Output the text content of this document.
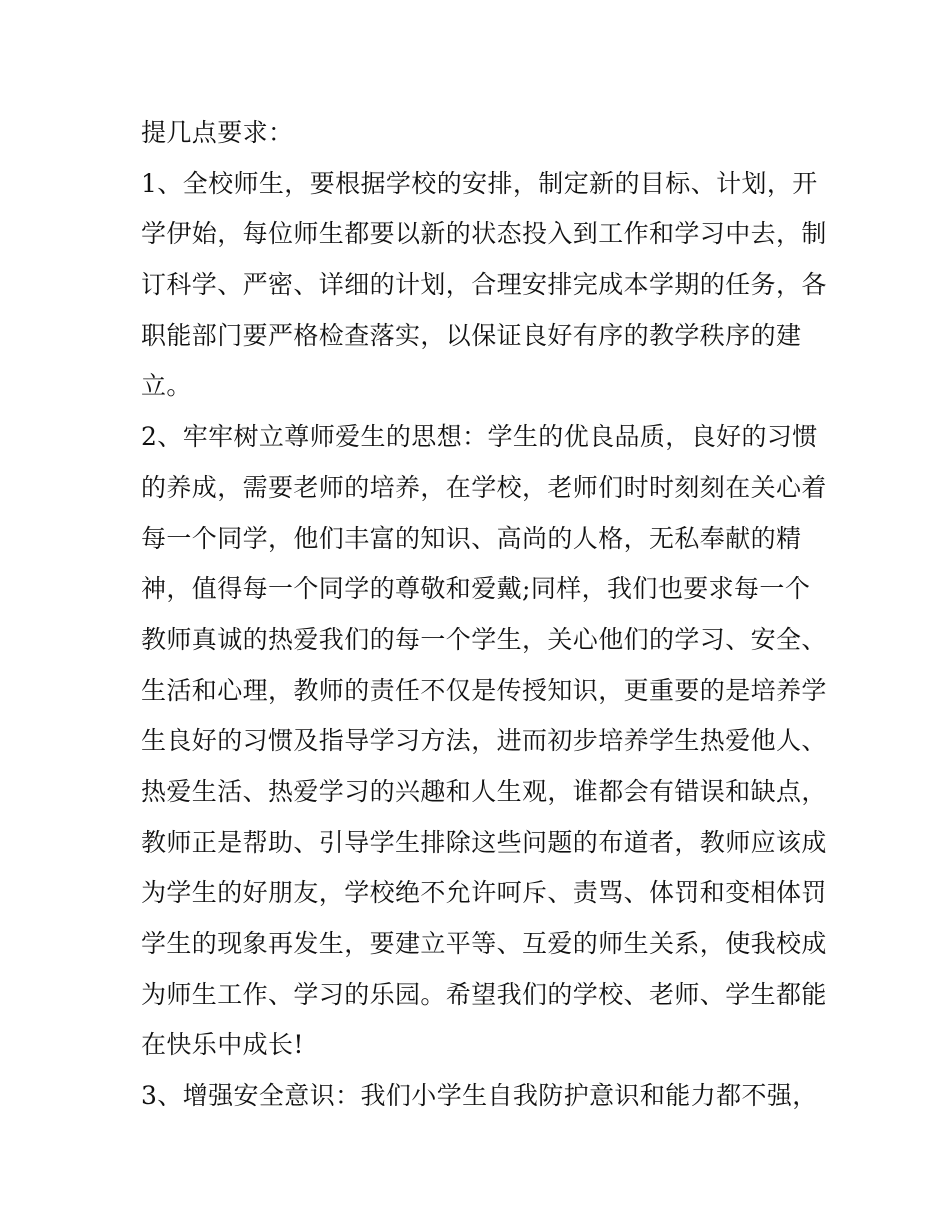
提几点要求：
1、全校师生，要根据学校的安排，制定新的目标、计划，开
学伊始，每位师生都要以新的状态投入到工作和学习中去，制
订科学、严密、详细的计划，合理安排完成本学期的任务，各
职能部门要严格检查落实，以保证良好有序的教学秩序的建
立。
2、牢牢树立尊师爱生的思想：学生的优良品质，良好的习惯
的养成，需要老师的培养，在学校，老师们时时刻刻在关心着
每一个同学，他们丰富的知识、高尚的人格，无私奉献的精
神，值得每一个同学的尊敬和爱戴;同样，我们也要求每一个
教师真诚的热爱我们的每一个学生，关心他们的学习、安全、
生活和心理，教师的责任不仅是传授知识，更重要的是培养学
生良好的习惯及指导学习方法，进而初步培养学生热爱他人、
热爱生活、热爱学习的兴趣和人生观，谁都会有错误和缺点，
教师正是帮助、引导学生排除这些问题的布道者，教师应该成
为学生的好朋友，学校绝不允许呵斥、责骂、体罚和变相体罚
学生的现象再发生，要建立平等、互爱的师生关系，使我校成
为师生工作、学习的乐园。希望我们的学校、老师、学生都能
在快乐中成长!
3、增强安全意识：我们小学生自我防护意识和能力都不强，
